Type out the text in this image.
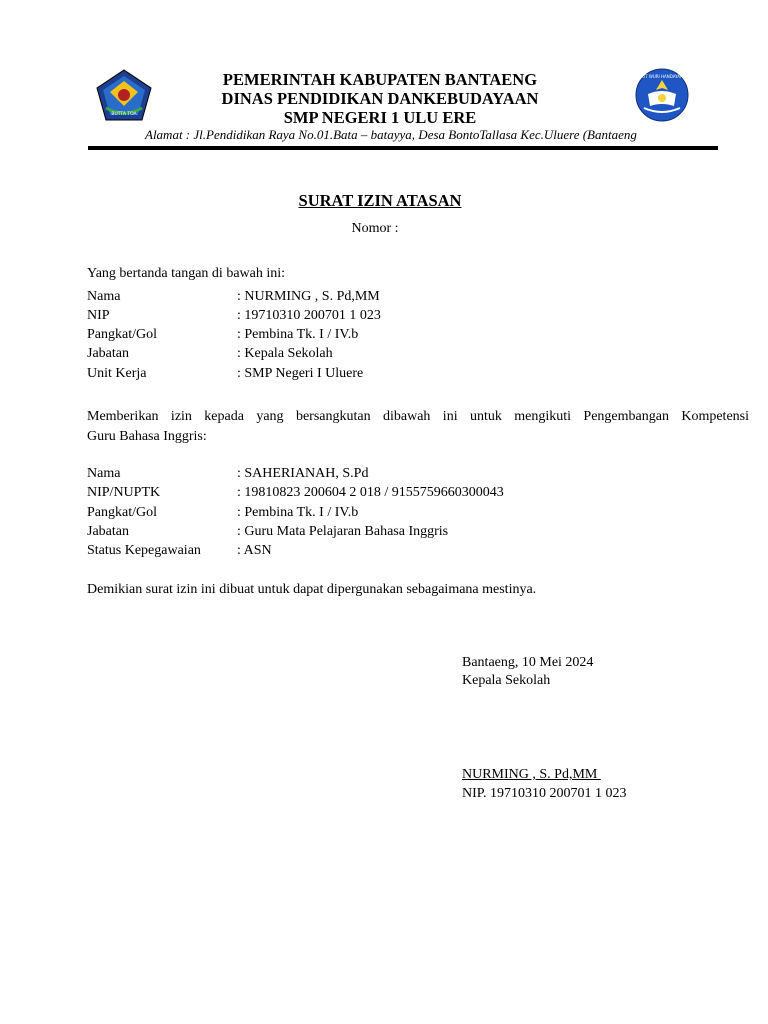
BUTTA TOA
TUT WURI HANDAYANI
PEMERINTAH KABUPATEN BANTAENG
DINAS PENDIDIKAN DANKEBUDAYAAN
SMP NEGERI 1 ULU ERE
Alamat : Jl.Pendidikan Raya No.01.Bata – batayya, Desa BontoTallasa Kec.Uluere (Bantaeng
SURAT IZIN ATASAN
Nomor :
Yang bertanda tangan di bawah ini:
Nama	: NURMING , S. Pd,MM
NIP	: 19710310 200701 1 023
Pangkat/Gol	: Pembina Tk. I / IV.b
Jabatan	: Kepala Sekolah
Unit Kerja	: SMP Negeri I Uluere
Memberikan izin kepada yang bersangkutan dibawah ini untuk mengikuti Pengembangan Kompetensi
Guru Bahasa Inggris:
Nama	: SAHERIANAH, S.Pd
NIP/NUPTK	: 19810823 200604 2 018 / 9155759660300043
Pangkat/Gol	: Pembina Tk. I / IV.b
Jabatan	: Guru Mata Pelajaran Bahasa Inggris
Status Kepegawaian	: ASN
Demikian surat izin ini dibuat untuk dapat dipergunakan sebagaimana mestinya.
Bantaeng, 10 Mei 2024
Kepala Sekolah
NURMING , S. Pd,MM
NIP. 19710310 200701 1 023
